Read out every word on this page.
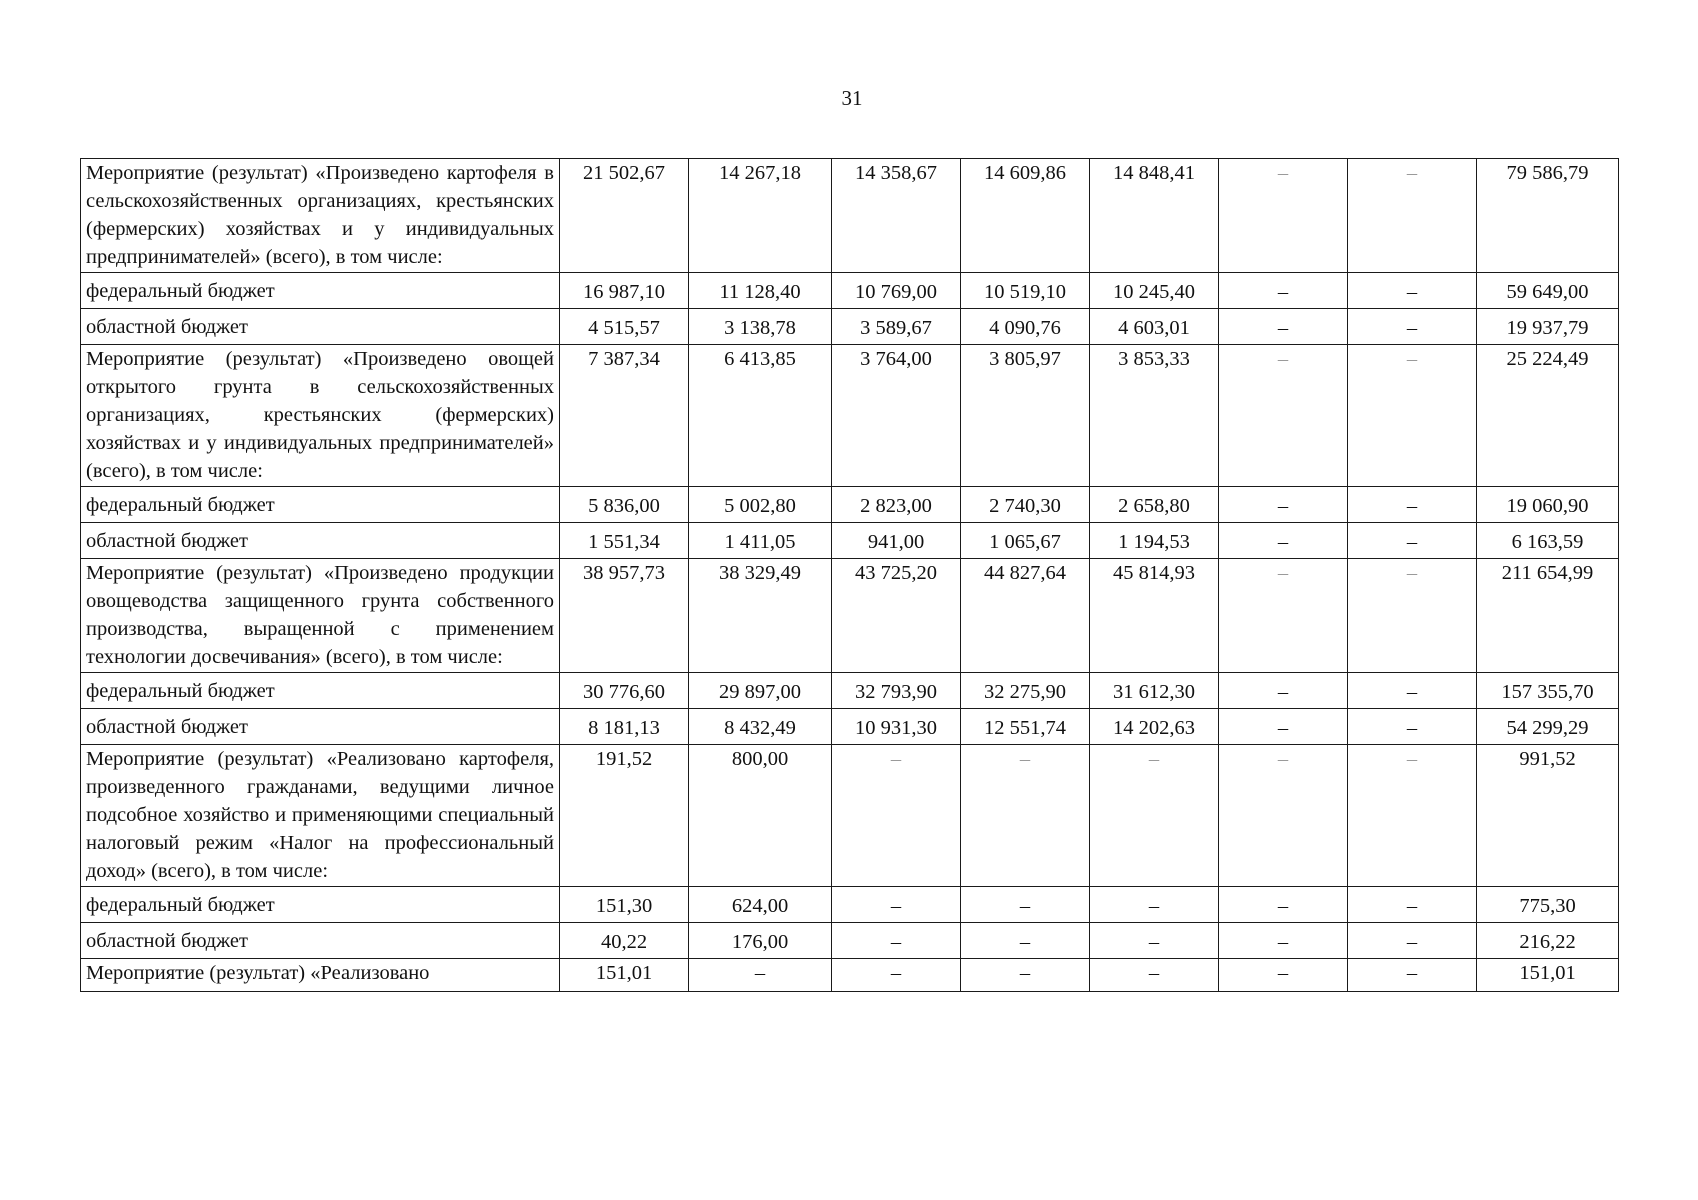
31
Мероприятие (результат) «Произведено картофеля в сельскохозяйственных организациях, крестьянских (фермерских) хозяйствах и у индивидуальных предпринимателей» (всего), в том числе:	21 502,67	14 267,18	14 358,67	14 609,86	14 848,41	–	–	79 586,79
федеральный бюджет	16 987,10	11 128,40	10 769,00	10 519,10	10 245,40	–	–	59 649,00
областной бюджет	4 515,57	3 138,78	3 589,67	4 090,76	4 603,01	–	–	19 937,79
Мероприятие (результат) «Произведено овощей открытого грунта в сельскохозяйственных организациях, крестьянских (фермерских) хозяйствах и у индивидуальных предпринимателей» (всего), в том числе:	7 387,34	6 413,85	3 764,00	3 805,97	3 853,33	–	–	25 224,49
федеральный бюджет	5 836,00	5 002,80	2 823,00	2 740,30	2 658,80	–	–	19 060,90
областной бюджет	1 551,34	1 411,05	941,00	1 065,67	1 194,53	–	–	6 163,59
Мероприятие (результат) «Произведено продукции овощеводства защищенного грунта собственного производства, выращенной с применением технологии досвечивания» (всего), в том числе:	38 957,73	38 329,49	43 725,20	44 827,64	45 814,93	–	–	211 654,99
федеральный бюджет	30 776,60	29 897,00	32 793,90	32 275,90	31 612,30	–	–	157 355,70
областной бюджет	8 181,13	8 432,49	10 931,30	12 551,74	14 202,63	–	–	54 299,29
Мероприятие (результат) «Реализовано картофеля, произведенного гражданами, ведущими личное подсобное хозяйство и применяющими специальный налоговый режим «Налог на профессиональный доход» (всего), в том числе:	191,52	800,00	–	–	–	–	–	991,52
федеральный бюджет	151,30	624,00	–	–	–	–	–	775,30
областной бюджет	40,22	176,00	–	–	–	–	–	216,22
Мероприятие (результат) «Реализовано	151,01	–	–	–	–	–	–	151,01
